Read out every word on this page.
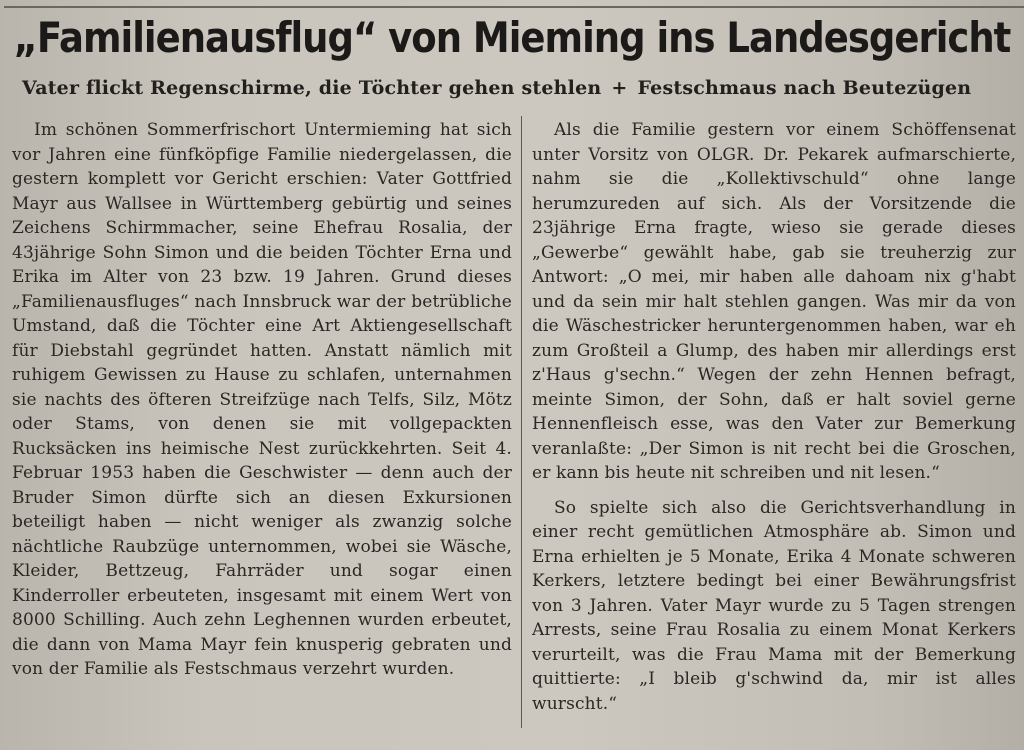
„Familienausflug“ von Mieming ins Landesgericht
Vater flickt Regenschirme, die Töchter gehen stehlen + Festschmaus nach Beutezügen

Im schönen Sommerfrischort Untermieming hat sich vor Jahren eine fünfköpfige Familie niedergelassen, die gestern komplett vor Gericht erschien: Vater Gottfried Mayr aus Wallsee in Württemberg gebürtig und seines Zeichens Schirmmacher, seine Ehefrau Rosalia, der 43jährige Sohn Simon und die beiden Töchter Erna und Erika im Alter von 23 bzw. 19 Jahren. Grund dieses „Familienausfluges“ nach Innsbruck war der betrübliche Umstand, daß die Töchter eine Art Aktiengesellschaft für Diebstahl gegründet hatten. Anstatt nämlich mit ruhigem Gewissen zu Hause zu schlafen, unternahmen sie nachts des öfteren Streifzüge nach Telfs, Silz, Mötz oder Stams, von denen sie mit vollgepackten Rucksäcken ins heimische Nest zurückkehrten. Seit 4. Februar 1953 haben die Geschwister — denn auch der Bruder Simon dürfte sich an diesen Exkursionen beteiligt haben — nicht weniger als zwanzig solche nächtliche Raubzüge unternommen, wobei sie Wäsche, Kleider, Bettzeug, Fahrräder und sogar einen Kinderroller erbeuteten, insgesamt mit einem Wert von 8000 Schilling. Auch zehn Leghennen wurden erbeutet, die dann von Mama Mayr fein knusperig gebraten und von der Familie als Festschmaus verzehrt wurden.

Als die Familie gestern vor einem Schöffensenat unter Vorsitz von OLGR. Dr. Pekarek aufmarschierte, nahm sie die „Kollektivschuld“ ohne lange herumzureden auf sich. Als der Vorsitzende die 23jährige Erna fragte, wieso sie gerade dieses „Gewerbe“ gewählt habe, gab sie treuherzig zur Antwort: „O mei, mir haben alle dahoam nix g'habt und da sein mir halt stehlen gangen. Was mir da von die Wäschestricker heruntergenommen haben, war eh zum Großteil a Glump, des haben mir allerdings erst z'Haus g'sechn.“ Wegen der zehn Hennen befragt, meinte Simon, der Sohn, daß er halt soviel gerne Hennenfleisch esse, was den Vater zur Bemerkung veranlaßte: „Der Simon is nit recht bei die Groschen, er kann bis heute nit schreiben und nit lesen.“

So spielte sich also die Gerichtsverhandlung in einer recht gemütlichen Atmosphäre ab. Simon und Erna erhielten je 5 Monate, Erika 4 Monate schweren Kerkers, letztere bedingt bei einer Bewährungsfrist von 3 Jahren. Vater Mayr wurde zu 5 Tagen strengen Arrests, seine Frau Rosalia zu einem Monat Kerkers verurteilt, was die Frau Mama mit der Bemerkung quittierte: „I bleib g'schwind da, mir ist alles wurscht.“
